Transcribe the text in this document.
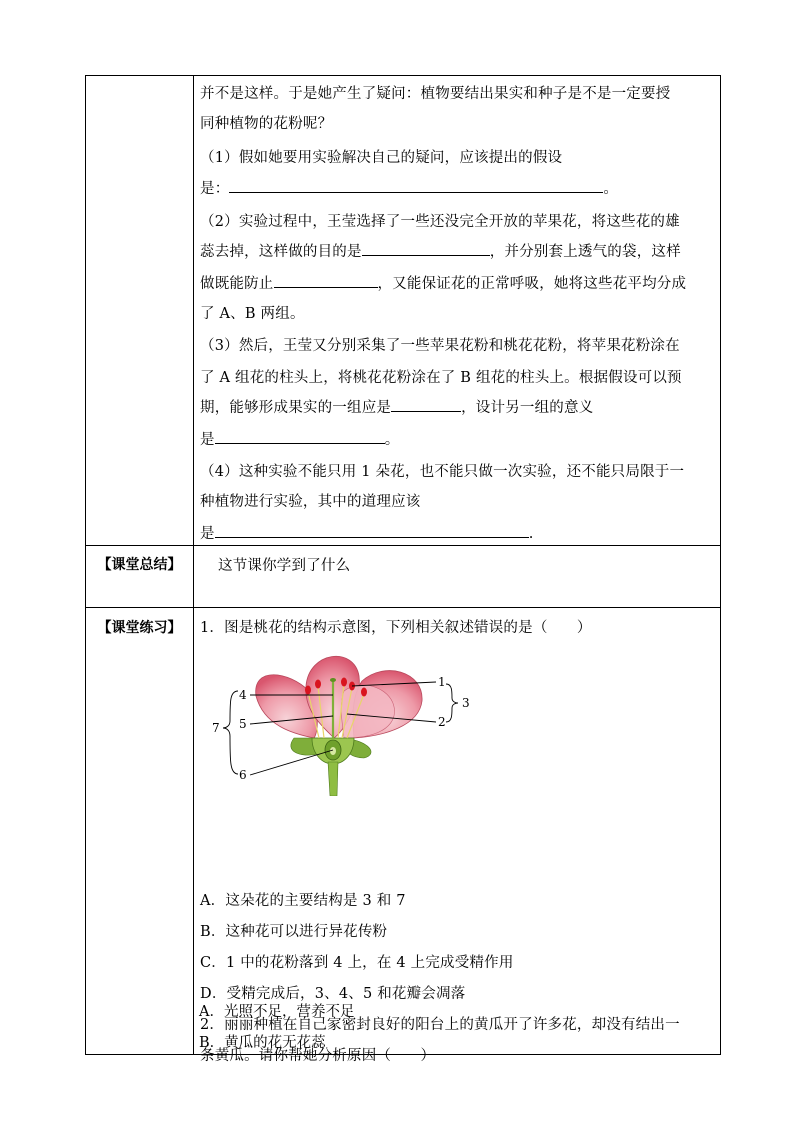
并不是这样。于是她产生了疑问：植物要结出果实和种子是不是一定要授
同种植物的花粉呢？
（1）假如她要用实验解决自己的疑问，应该提出的假设
是：	。
（2）实验过程中，王莹选择了一些还没完全开放的苹果花，将这些花的雄
蕊去掉，这样做的目的是	，并分别套上透气的袋，这样
做既能防止	，又能保证花的正常呼吸，她将这些花平均分成
了 A、B 两组。
（3）然后，王莹又分别采集了一些苹果花粉和桃花花粉，将苹果花粉涂在
了 A 组花的柱头上，将桃花花粉涂在了 B 组花的柱头上。根据假设可以预
期，能够形成果实的一组应是	，设计另一组的意义
是	。
（4）这种实验不能只用 1 朵花，也不能只做一次实验，还不能只局限于一
种植物进行实验，其中的道理应该
是	.
【课堂总结】	这节课你学到了什么
【课堂练习】	1．图是桃花的结构示意图，下列相关叙述错误的是（　　）
1
2
3
4
5
6
7
A．这朵花的主要结构是 3 和 7
B．这种花可以进行异花传粉
C．1 中的花粉落到 4 上，在 4 上完成受精作用
D．受精完成后，3、4、5 和花瓣会凋落
2．丽丽种植在自己家密封良好的阳台上的黄瓜开了许多花，却没有结出一
条黄瓜。请你帮她分析原因（　　）
A．光照不足，营养不足
B．黄瓜的花无花蕊
